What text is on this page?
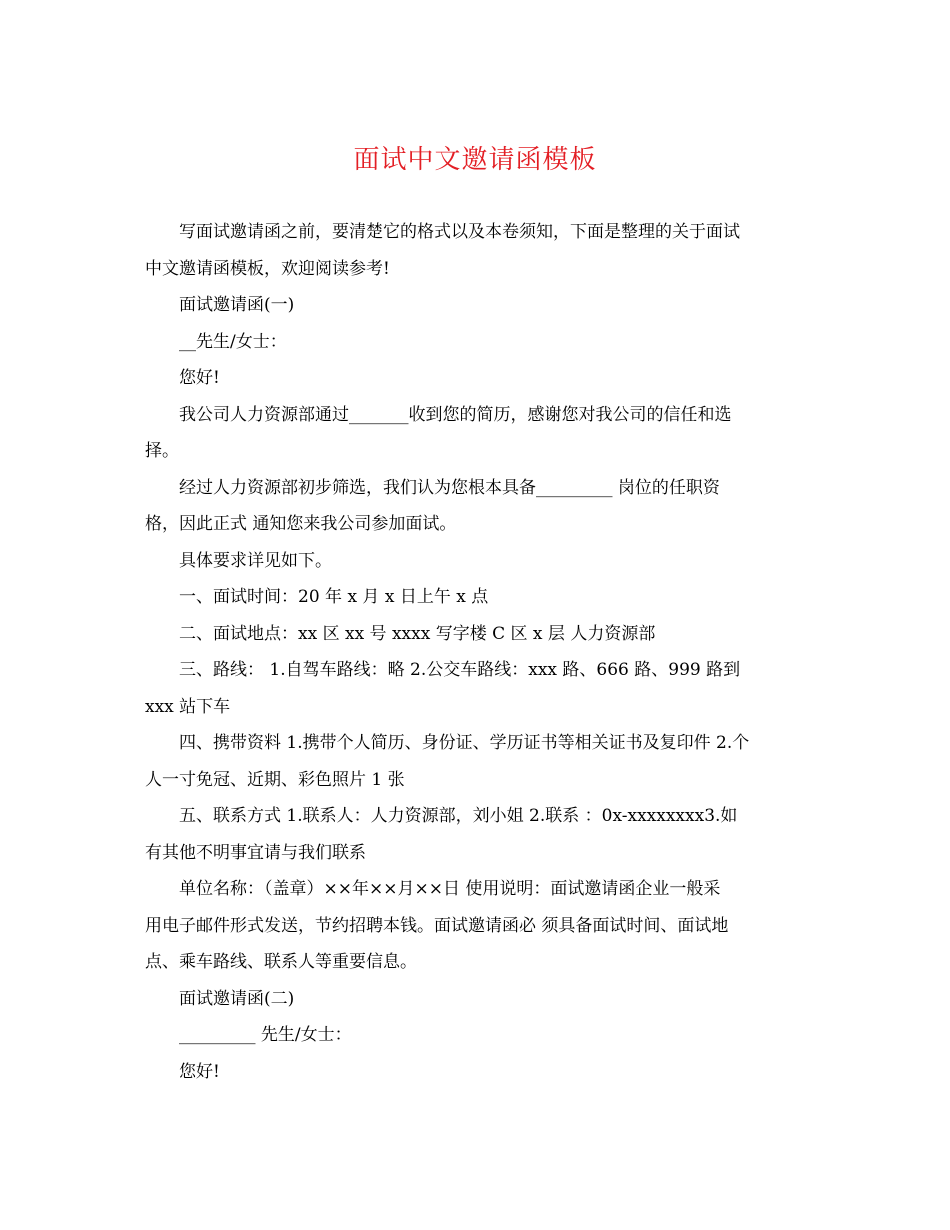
面试中文邀请函模板

写面试邀请函之前，要清楚它的格式以及本卷须知，下面是整理的关于面试
中文邀请函模板，欢迎阅读参考!

面试邀请函(一)

__先生/女士：

您好!

我公司人力资源部通过_______收到您的简历，感谢您对我公司的信任和选
择。

经过人力资源部初步筛选，我们认为您根本具备_________ 岗位的任职资
格，因此正式 通知您来我公司参加面试。

具体要求详见如下。

一、面试时间：20 年 x 月 x 日上午 x 点

二、面试地点：xx 区 xx 号 xxxx 写字楼 C 区 x 层 人力资源部

三、路线： 1.自驾车路线：略 2.公交车路线：xxx 路、666 路、999 路到
xxx 站下车

四、携带资料 1.携带个人简历、身份证、学历证书等相关证书及复印件 2.个
人一寸免冠、近期、彩色照片 1 张

五、联系方式 1.联系人：人力资源部，刘小姐 2.联系 ：0x-xxxxxxxx3.如
有其他不明事宜请与我们联系

单位名称：（盖章）××年××月××日 使用说明：面试邀请函企业一般采
用电子邮件形式发送，节约招聘本钱。面试邀请函必 须具备面试时间、面试地
点、乘车路线、联系人等重要信息。

面试邀请函(二)

_________ 先生/女士：

您好!
